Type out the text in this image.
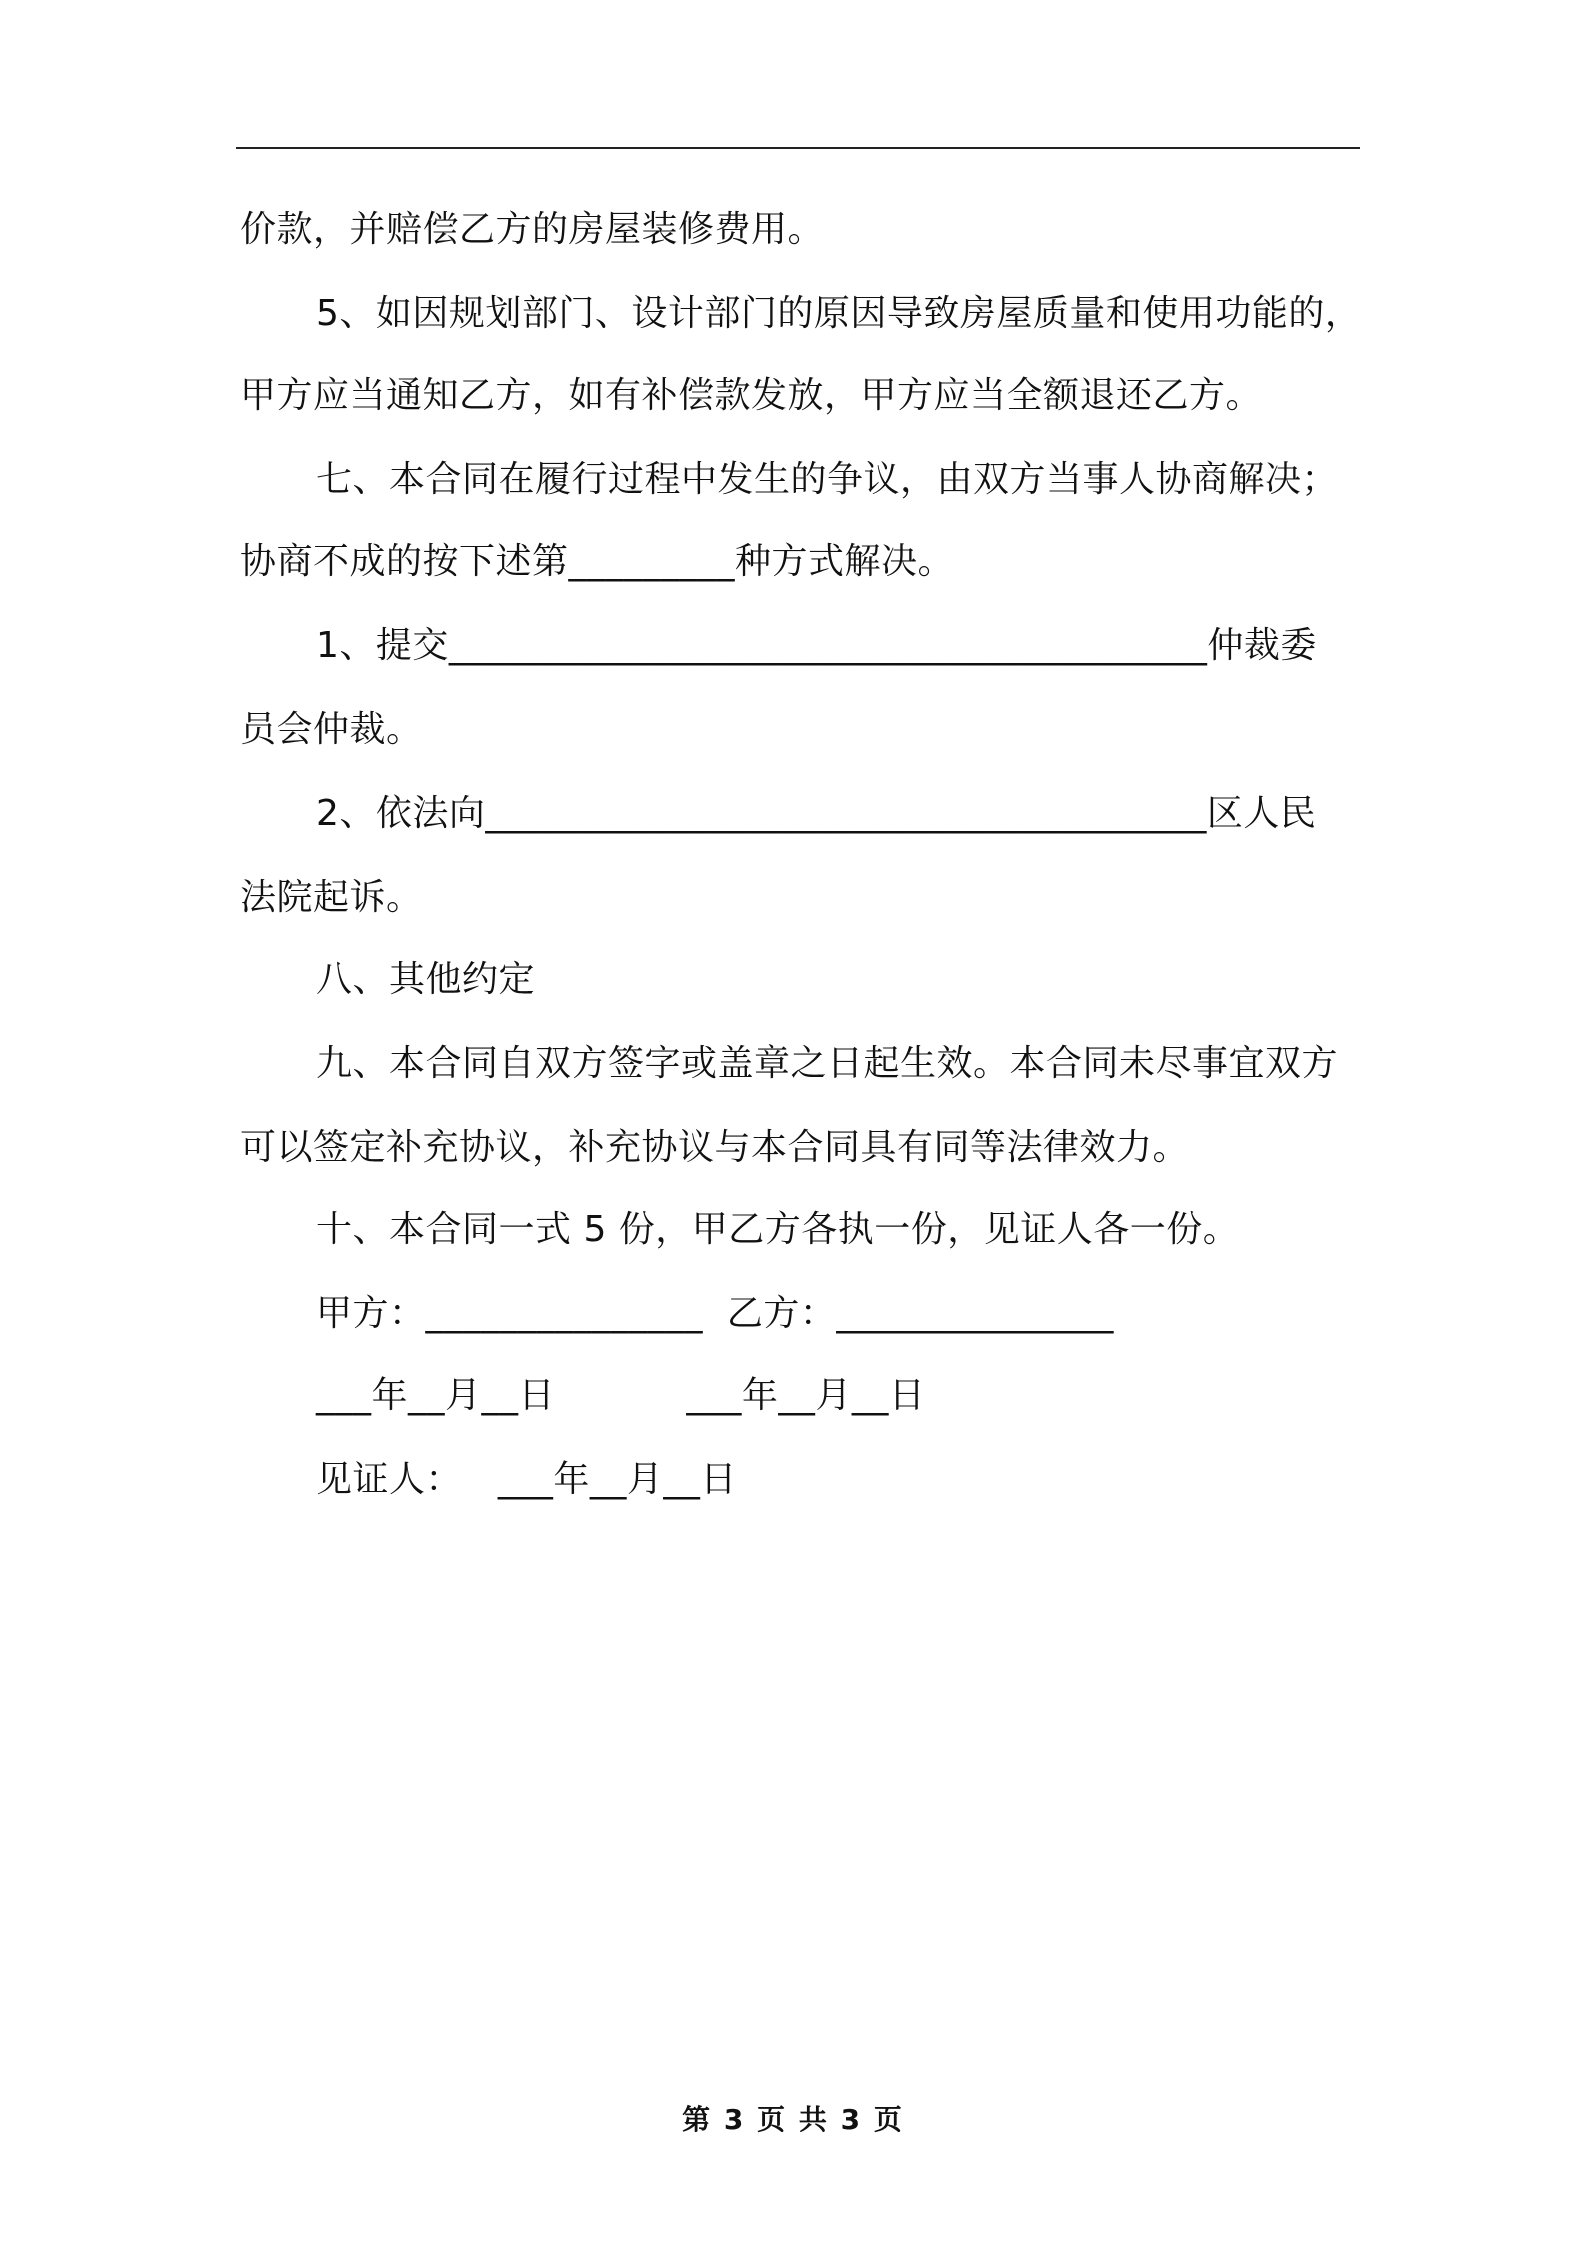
价款，并赔偿乙方的房屋装修费用。
5、如因规划部门、设计部门的原因导致房屋质量和使用功能的，
甲方应当通知乙方，如有补偿款发放，甲方应当全额退还乙方。
七、本合同在履行过程中发生的争议，由双方当事人协商解决；
协商不成的按下述第_________种方式解决。
1、提交_________________________________________仲裁委
员会仲裁。
2、依法向_______________________________________区人民
法院起诉。
八、其他约定
九、本合同自双方签字或盖章之日起生效。本合同未尽事宜双方
可以签定补充协议，补充协议与本合同具有同等法律效力。
十、本合同一式 5 份，甲乙方各执一份，见证人各一份。
甲方：_______________  乙方：_______________
___年__月__日           ___年__月__日
见证人：   ___年__月__日
第 3 页 共 3 页
